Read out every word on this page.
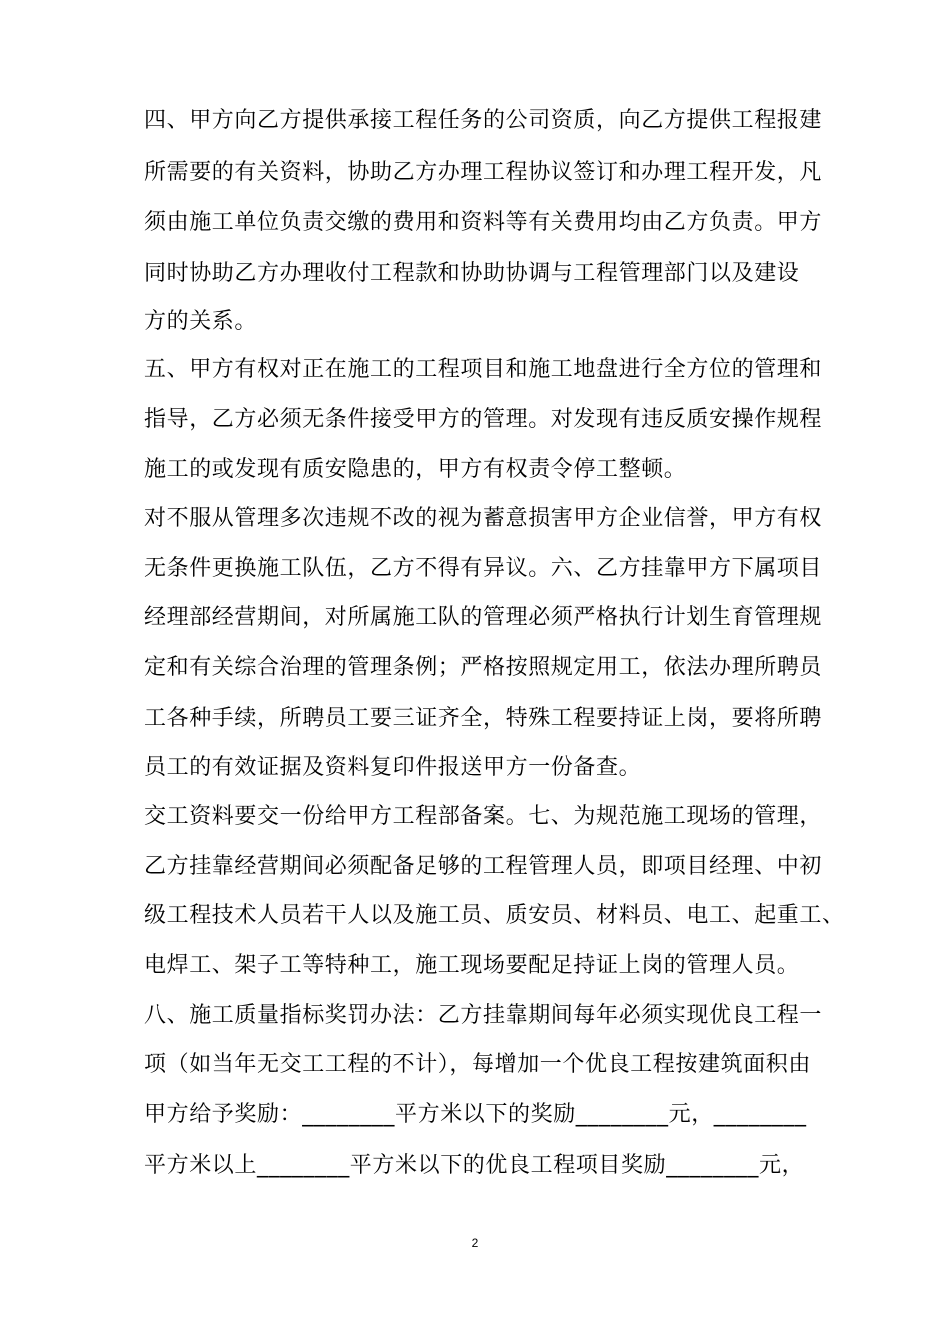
四、甲方向乙方提供承接工程任务的公司资质，向乙方提供工程报建
所需要的有关资料，协助乙方办理工程协议签订和办理工程开发，凡
须由施工单位负责交缴的费用和资料等有关费用均由乙方负责。甲方
同时协助乙方办理收付工程款和协助协调与工程管理部门以及建设
方的关系。
五、甲方有权对正在施工的工程项目和施工地盘进行全方位的管理和
指导，乙方必须无条件接受甲方的管理。对发现有违反质安操作规程
施工的或发现有质安隐患的，甲方有权责令停工整顿。
对不服从管理多次违规不改的视为蓄意损害甲方企业信誉，甲方有权
无条件更换施工队伍，乙方不得有异议。六、乙方挂靠甲方下属项目
经理部经营期间，对所属施工队的管理必须严格执行计划生育管理规
定和有关综合治理的管理条例；严格按照规定用工，依法办理所聘员
工各种手续，所聘员工要三证齐全，特殊工程要持证上岗，要将所聘
员工的有效证据及资料复印件报送甲方一份备查。
交工资料要交一份给甲方工程部备案。七、为规范施工现场的管理，
乙方挂靠经营期间必须配备足够的工程管理人员，即项目经理、中初
级工程技术人员若干人以及施工员、质安员、材料员、电工、起重工、
电焊工、架子工等特种工，施工现场要配足持证上岗的管理人员。
八、施工质量指标奖罚办法：乙方挂靠期间每年必须实现优良工程一
项（如当年无交工工程的不计），每增加一个优良工程按建筑面积由
甲方给予奖励：________平方米以下的奖励________元，________
平方米以上________平方米以下的优良工程项目奖励________元，
2
